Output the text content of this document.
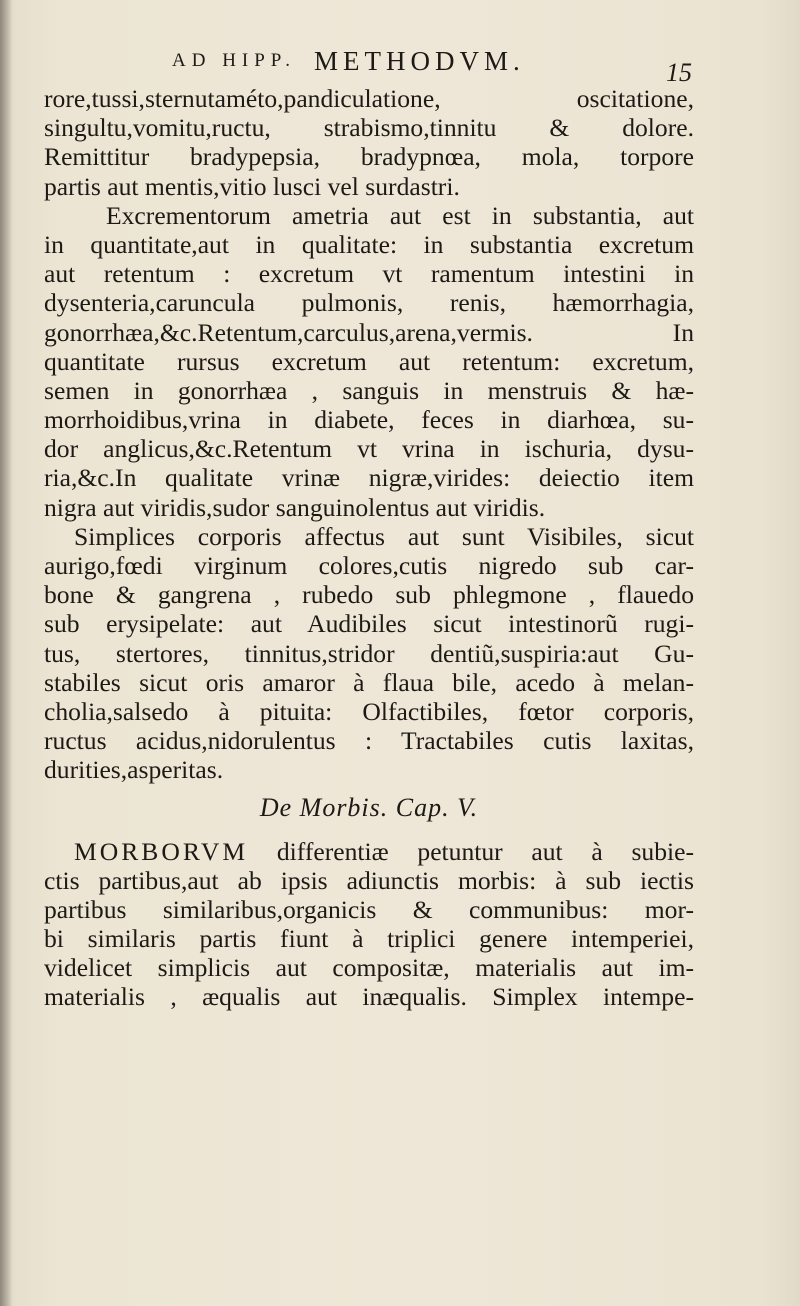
AD HIPP. METHODVM.	15
rore,tussi,sternutaméto,pandiculatione, oscitatione,
singultu,vomitu,ructu, strabismo,tinnitu & dolore.
Remittitur bradypepsia, bradypnœa, mola, torpore
partis aut mentis,vitio lusci vel surdastri.
Excrementorum ametria aut est in substantia, aut
in quantitate,aut in qualitate: in substantia excretum
aut retentum : excretum vt ramentum intestini in
dysenteria,caruncula pulmonis, renis, hæmorrhagia,
gonorrhæa,&c.Retentum,carculus,arena,vermis. In
quantitate rursus excretum aut retentum: excretum,
semen in gonorrhæa , sanguis in menstruis & hæ-
morrhoidibus,vrina in diabete, feces in diarhœa, su-
dor anglicus,&c.Retentum vt vrina in ischuria, dysu-
ria,&c.In qualitate vrinæ nigræ,virides: deiectio item
nigra aut viridis,sudor sanguinolentus aut viridis.
Simplices corporis affectus aut sunt Visibiles, sicut
aurigo,fœdi virginum colores,cutis nigredo sub car-
bone & gangrena , rubedo sub phlegmone , flauedo
sub erysipelate: aut Audibiles sicut intestinorũ rugi-
tus, stertores, tinnitus,stridor dentiũ,suspiria:aut Gu-
stabiles sicut oris amaror à flaua bile, acedo à melan-
cholia,salsedo à pituita: Olfactibiles, fœtor corporis,
ructus acidus,nidorulentus : Tractabiles cutis laxitas,
durities,asperitas.
De Morbis. Cap. V.
MORBORVM differentiæ petuntur aut à subie-
ctis partibus,aut ab ipsis adiunctis morbis: à sub iectis
partibus similaribus,organicis & communibus: mor-
bi similaris partis fiunt à triplici genere intemperiei,
videlicet simplicis aut compositæ, materialis aut im-
materialis , æqualis aut inæqualis. Simplex intempe-
